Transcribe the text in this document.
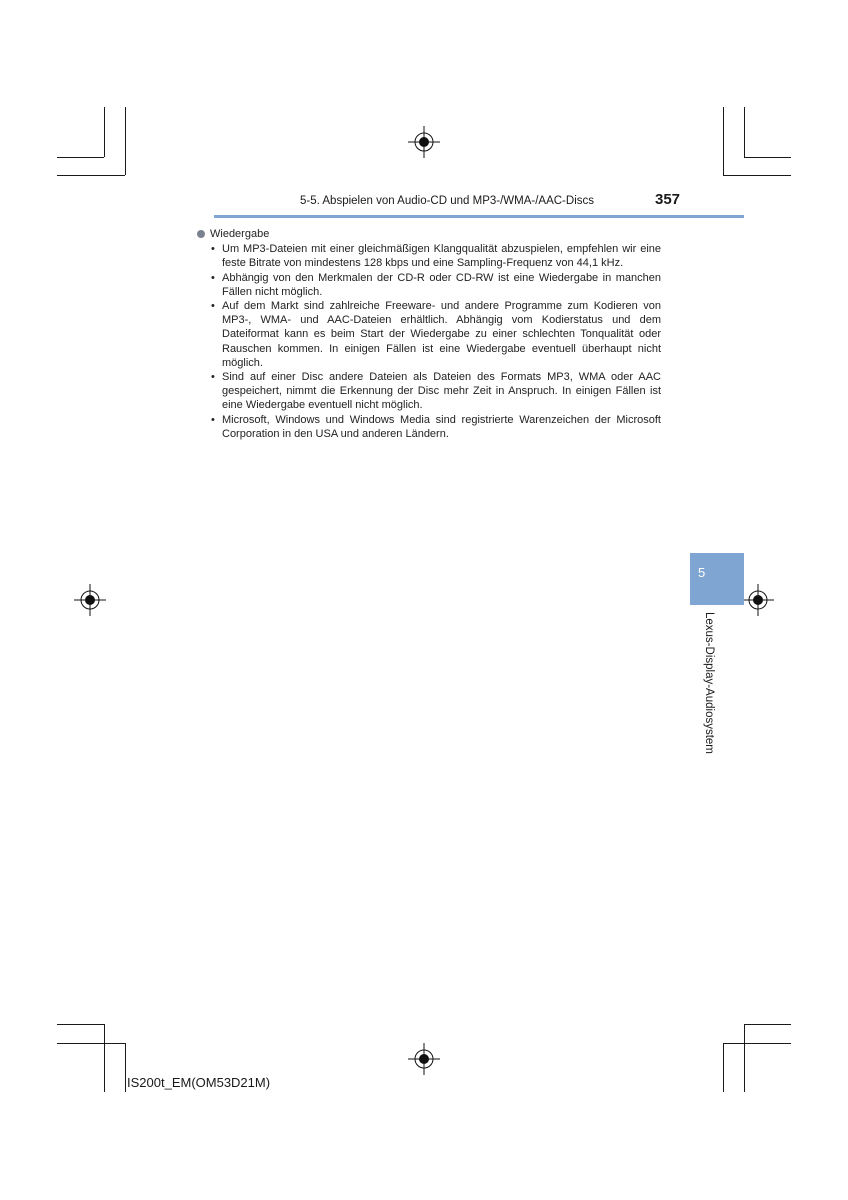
5-5. Abspielen von Audio-CD und MP3-/WMA-/AAC-Discs	357
Wiedergabe
• Um MP3-Dateien mit einer gleichmäßigen Klangqualität abzuspielen, empfehlen wir eine feste Bitrate von mindestens 128 kbps und eine Sampling-Frequenz von 44,1 kHz.
• Abhängig von den Merkmalen der CD-R oder CD-RW ist eine Wiedergabe in manchen Fällen nicht möglich.
• Auf dem Markt sind zahlreiche Freeware- und andere Programme zum Kodieren von MP3-, WMA- und AAC-Dateien erhältlich. Abhängig vom Kodierstatus und dem Dateiformat kann es beim Start der Wiedergabe zu einer schlechten Tonqualität oder Rauschen kommen. In einigen Fällen ist eine Wiedergabe eventuell überhaupt nicht möglich.
• Sind auf einer Disc andere Dateien als Dateien des Formats MP3, WMA oder AAC gespeichert, nimmt die Erkennung der Disc mehr Zeit in Anspruch. In einigen Fällen ist eine Wiedergabe eventuell nicht möglich.
• Microsoft, Windows und Windows Media sind registrierte Warenzeichen der Microsoft Corporation in den USA und anderen Ländern.
5
Lexus-Display-Audiosystem
IS200t_EM(OM53D21M)
